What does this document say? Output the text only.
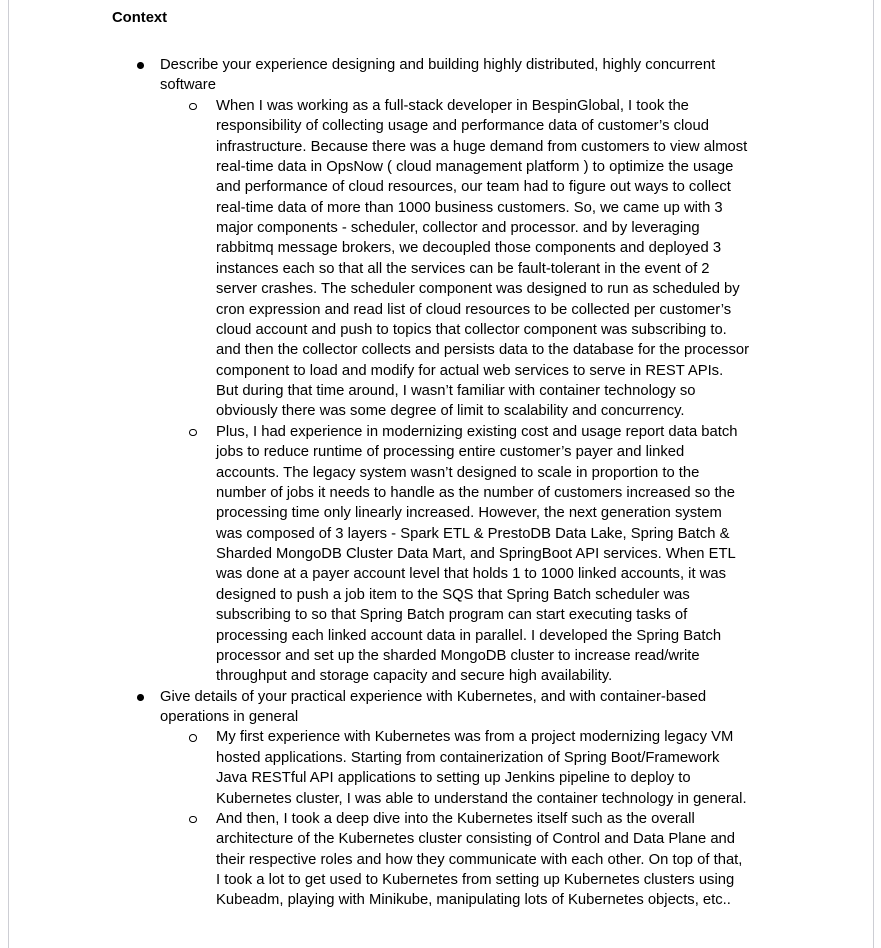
Context
Describe your experience designing and building highly distributed, highly concurrent
software
When I was working as a full-stack developer in BespinGlobal, I took the
responsibility of collecting usage and performance data of customer’s cloud
infrastructure. Because there was a huge demand from customers to view almost
real-time data in OpsNow ( cloud management platform ) to optimize the usage
and performance of cloud resources, our team had to figure out ways to collect
real-time data of more than 1000 business customers. So, we came up with 3
major components - scheduler, collector and processor. and by leveraging
rabbitmq message brokers, we decoupled those components and deployed 3
instances each so that all the services can be fault-tolerant in the event of 2
server crashes. The scheduler component was designed to run as scheduled by
cron expression and read list of cloud resources to be collected per customer’s
cloud account and push to topics that collector component was subscribing to.
and then the collector collects and persists data to the database for the processor
component to load and modify for actual web services to serve in REST APIs.
But during that time around, I wasn’t familiar with container technology so
obviously there was some degree of limit to scalability and concurrency.
Plus, I had experience in modernizing existing cost and usage report data batch
jobs to reduce runtime of processing entire customer’s payer and linked
accounts. The legacy system wasn’t designed to scale in proportion to the
number of jobs it needs to handle as the number of customers increased so the
processing time only linearly increased. However, the next generation system
was composed of 3 layers - Spark ETL & PrestoDB Data Lake, Spring Batch &
Sharded MongoDB Cluster Data Mart, and SpringBoot API services. When ETL
was done at a payer account level that holds 1 to 1000 linked accounts, it was
designed to push a job item to the SQS that Spring Batch scheduler was
subscribing to so that Spring Batch program can start executing tasks of
processing each linked account data in parallel. I developed the Spring Batch
processor and set up the sharded MongoDB cluster to increase read/write
throughput and storage capacity and secure high availability.
Give details of your practical experience with Kubernetes, and with container-based
operations in general
My first experience with Kubernetes was from a project modernizing legacy VM
hosted applications. Starting from containerization of Spring Boot/Framework
Java RESTful API applications to setting up Jenkins pipeline to deploy to
Kubernetes cluster, I was able to understand the container technology in general.
And then, I took a deep dive into the Kubernetes itself such as the overall
architecture of the Kubernetes cluster consisting of Control and Data Plane and
their respective roles and how they communicate with each other. On top of that,
I took a lot to get used to Kubernetes from setting up Kubernetes clusters using
Kubeadm, playing with Minikube, manipulating lots of Kubernetes objects, etc..
